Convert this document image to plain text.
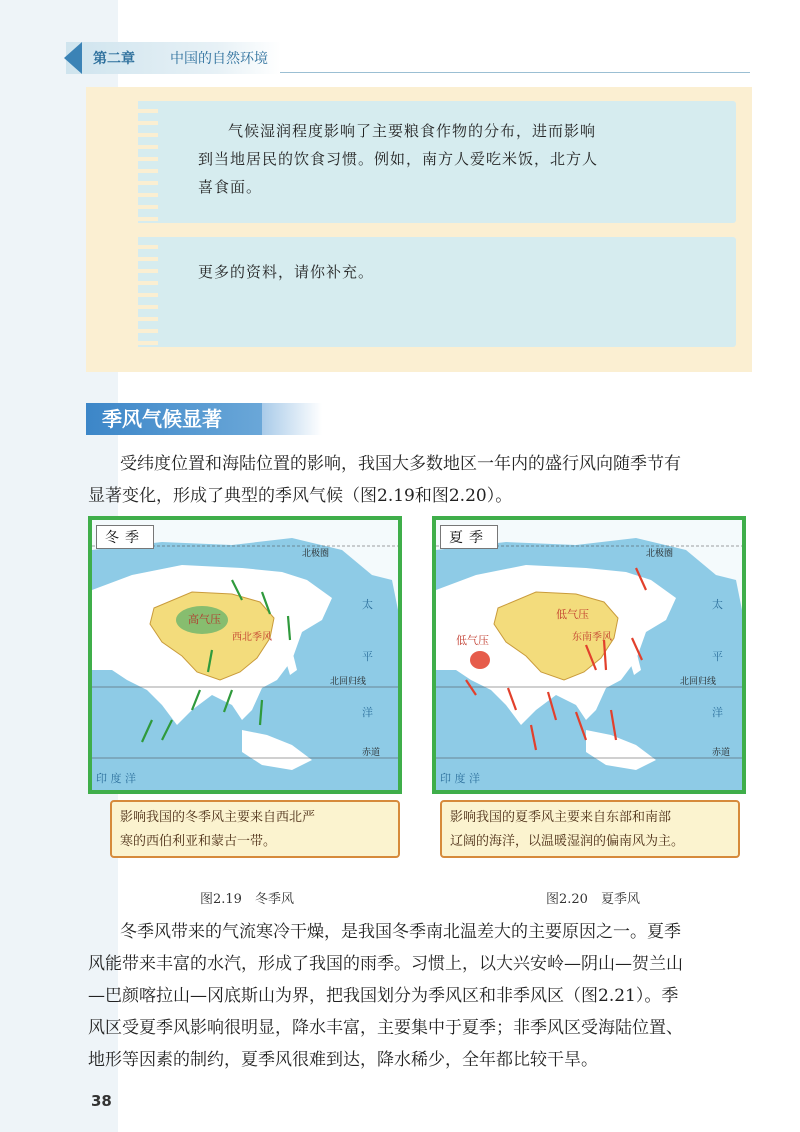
第二章	中国的自然环境
气候湿润程度影响了主要粮食作物的分布，进而影响
到当地居民的饮食习惯。例如，南方人爱吃米饭，北方人
喜食面。
更多的资料，请你补充。
季风气候显著
受纬度位置和海陆位置的影响，我国大多数地区一年内的盛行风向随季节有
显著变化，形成了典型的季风气候（图2.19和图2.20）。
高气压
西北季风
北极圈
太
平
洋
北回归线
赤道
印 度 洋
冬季
低气压
低气压	东南季风
北极圈
太
平
洋
北回归线
赤道
印 度 洋
夏季
影响我国的冬季风主要来自西北严
寒的西伯利亚和蒙古一带。
影响我国的夏季风主要来自东部和南部
辽阔的海洋，以温暖湿润的偏南风为主。
图2.19　冬季风	图2.20　夏季风
冬季风带来的气流寒冷干燥，是我国冬季南北温差大的主要原因之一。夏季
风能带来丰富的水汽，形成了我国的雨季。习惯上，以大兴安岭—阴山—贺兰山
—巴颜喀拉山—冈底斯山为界，把我国划分为季风区和非季风区（图2.21）。季
风区受夏季风影响很明显，降水丰富，主要集中于夏季；非季风区受海陆位置、
地形等因素的制约，夏季风很难到达，降水稀少，全年都比较干旱。
38
